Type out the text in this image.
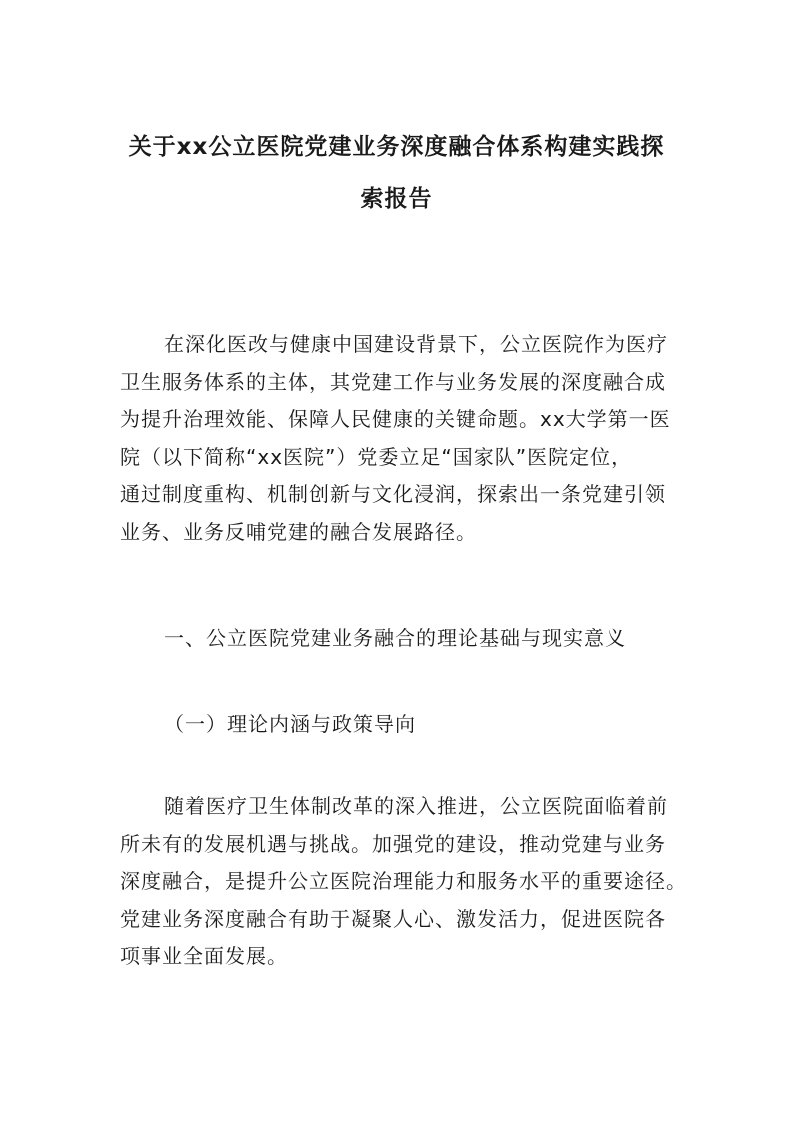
关于xx公立医院党建业务深度融合体系构建实践探
索报告
在深化医改与健康中国建设背景下，公立医院作为医疗
卫生服务体系的主体，其党建工作与业务发展的深度融合成
为提升治理效能、保障人民健康的关键命题。xx大学第一医
院（以下简称“xx医院”）党委立足“国家队”医院定位，
通过制度重构、机制创新与文化浸润，探索出一条党建引领
业务、业务反哺党建的融合发展路径。

一、公立医院党建业务融合的理论基础与现实意义

（一）理论内涵与政策导向

随着医疗卫生体制改革的深入推进，公立医院面临着前
所未有的发展机遇与挑战。加强党的建设，推动党建与业务
深度融合，是提升公立医院治理能力和服务水平的重要途径。
党建业务深度融合有助于凝聚人心、激发活力，促进医院各
项事业全面发展。
